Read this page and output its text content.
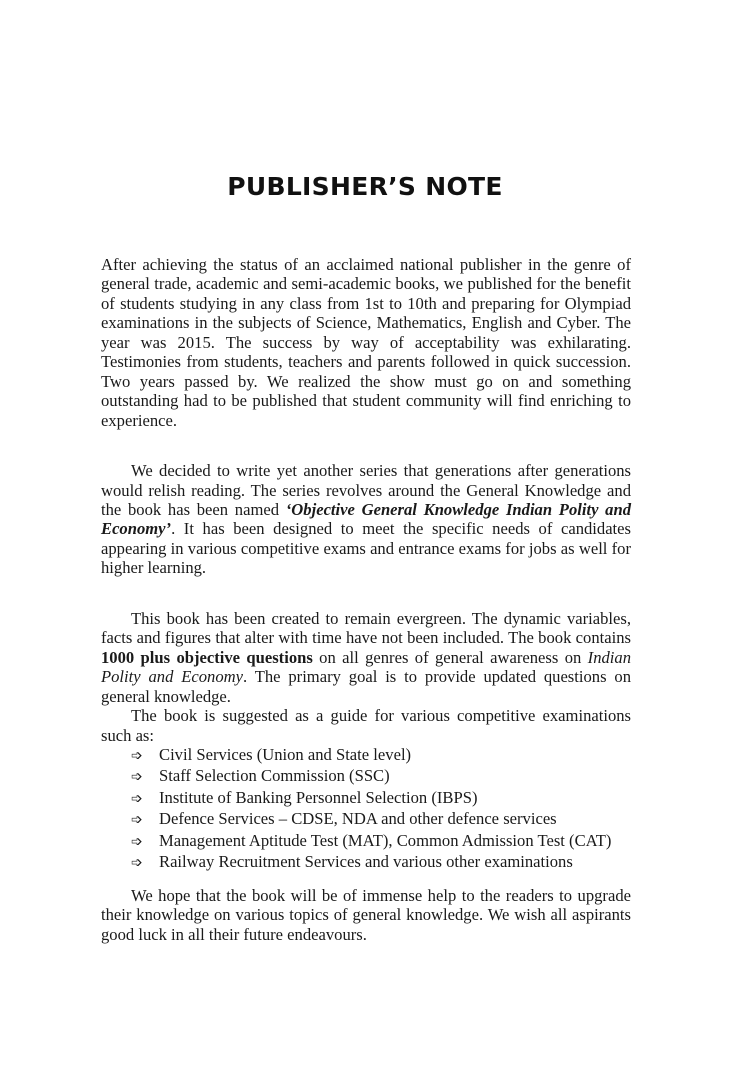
PUBLISHER’S NOTE

After achieving the status of an acclaimed national publisher in the genre of general trade, academic and semi-academic books, we published for the benefit of students studying in any class from 1st to 10th and preparing for Olympiad examinations in the subjects of Science, Mathematics, English and Cyber. The year was 2015. The success by way of acceptability was exhilarating. Testimonies from students, teachers and parents followed in quick succession. Two years passed by. We realized the show must go on and something outstanding had to be published that student community will find enriching to experience.

We decided to write yet another series that generations after generations would relish reading. The series revolves around the General Knowledge and the book has been named ‘Objective General Knowledge Indian Polity and Economy’. It has been designed to meet the specific needs of candidates appearing in various competitive exams and entrance exams for jobs as well for higher learning.

This book has been created to remain evergreen. The dynamic variables, facts and figures that alter with time have not been included. The book contains 1000 plus objective questions on all genres of general awareness on Indian Polity and Economy. The primary goal is to provide updated questions on general knowledge.

The book is suggested as a guide for various competitive examinations such as:

➩ Civil Services (Union and State level)
➩ Staff Selection Commission (SSC)
➩ Institute of Banking Personnel Selection (IBPS)
➩ Defence Services – CDSE, NDA and other defence services
➩ Management Aptitude Test (MAT), Common Admission Test (CAT)
➩ Railway Recruitment Services and various other examinations

We hope that the book will be of immense help to the readers to upgrade their knowledge on various topics of general knowledge. We wish all aspirants good luck in all their future endeavours.
